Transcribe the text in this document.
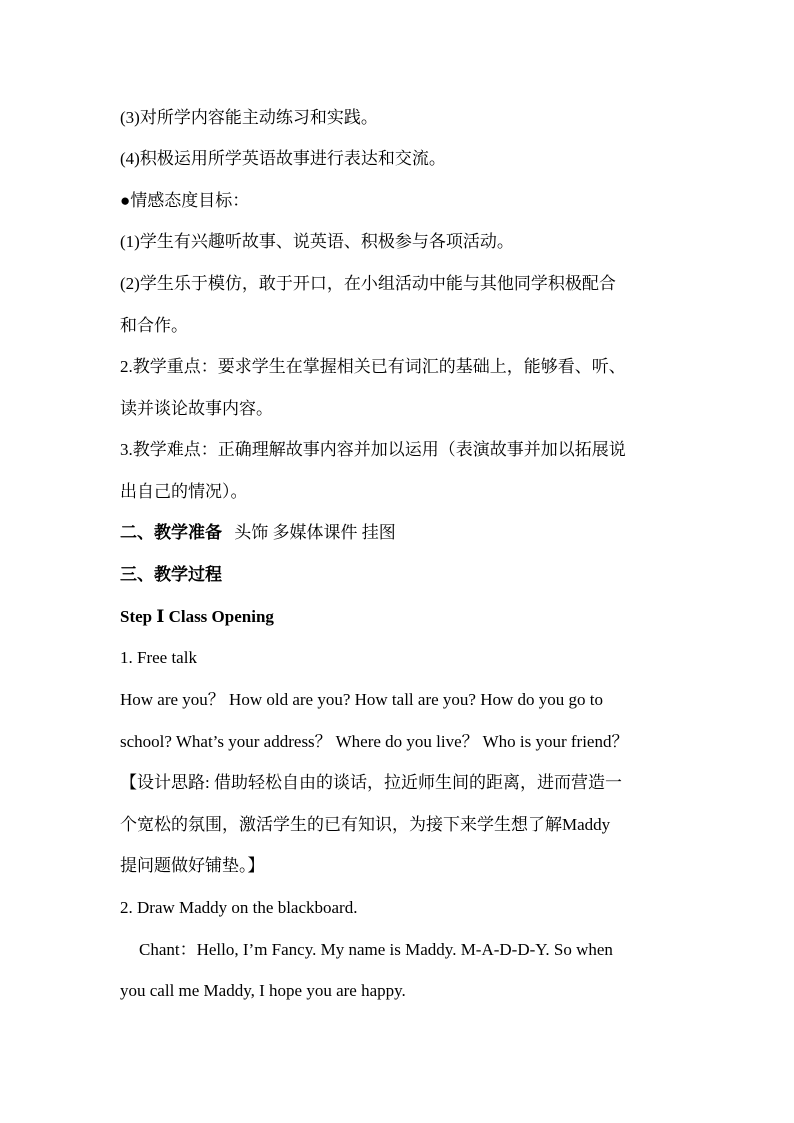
(3)对所学内容能主动练习和实践。
(4)积极运用所学英语故事进行表达和交流。
●情感态度目标：
(1)学生有兴趣听故事、说英语、积极参与各项活动。
(2)学生乐于模仿，敢于开口，在小组活动中能与其他同学积极配合
和合作。
2.教学重点：要求学生在掌握相关已有词汇的基础上，能够看、听、
读并谈论故事内容。
3.教学难点：正确理解故事内容并加以运用（表演故事并加以拓展说
出自己的情况）。
二、教学准备 头饰 多媒体课件 挂图
三、教学过程
Step Ⅰ Class Opening
1. Free talk
How are you？ How old are you? How tall are you? How do you go to
school? What’s your address？ Where do you live？ Who is your friend？
【设计思路: 借助轻松自由的谈话，拉近师生间的距离，进而营造一
个宽松的氛围，激活学生的已有知识，为接下来学生想了解Maddy
提问题做好铺垫。】
2. Draw Maddy on the blackboard.
Chant：Hello, I’m Fancy. My name is Maddy. M-A-D-D-Y. So when
you call me Maddy, I hope you are happy.
